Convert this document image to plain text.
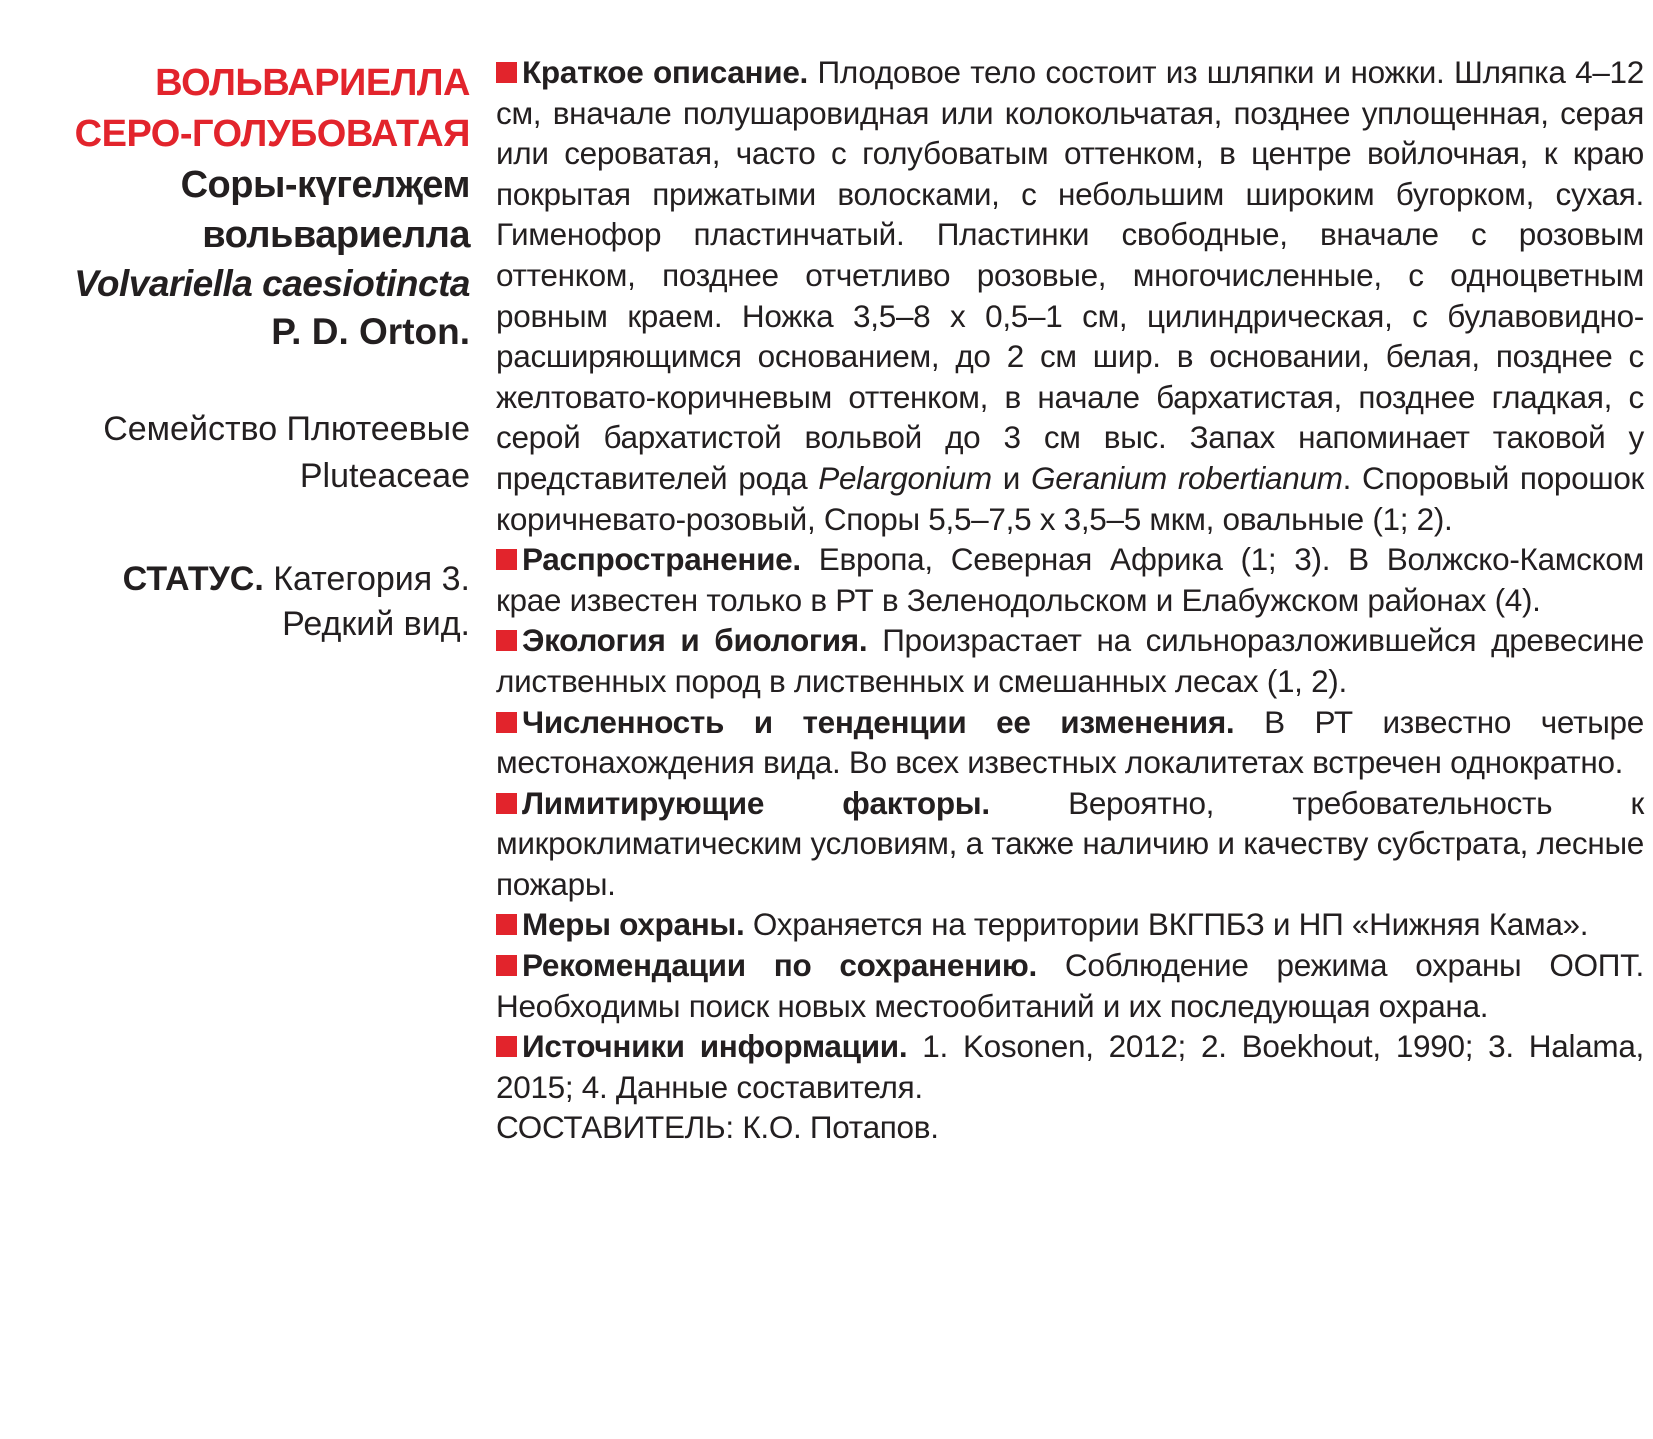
ВОЛЬВАРИЕЛЛА
СЕРО-ГОЛУБОВАТАЯ
Соры-күгелҗем
вольвариелла
Volvariella caesiotincta
P. D. Orton.
Семейство Плютеевые
Pluteaceae
СТАТУС. Категория 3.
Редкий вид.

Краткое описание. Плодовое тело состоит из шляпки и ножки. Шляпка 4–12 см, вначале полушаровидная или колокольчатая, позднее уплощенная, серая или сероватая, часто с голубоватым оттенком, в центре войлочная, к краю покрытая прижатыми волосками, с небольшим широким бугорком, сухая. Гименофор пластинчатый. Пластинки свободные, вначале с розовым оттенком, позднее отчетливо розовые, многочисленные, с одноцветным ровным краем. Ножка 3,5–8 х 0,5–1 см, цилиндрическая, с булавовидно-расширяющимся основанием, до 2 см шир. в основании, белая, позднее с желтовато-коричневым оттенком, в начале бархатистая, позднее гладкая, с серой бархатистой вольвой до 3 см выс. Запах напоминает таковой у представителей рода Pelargonium и Geranium robertianum. Споровый порошок коричневато-розовый, Споры 5,5–7,5 х 3,5–5 мкм, овальные (1; 2).

Распространение. Европа, Северная Африка (1; 3). В Волжско-Камском крае известен только в РТ в Зеленодольском и Елабужском районах (4).

Экология и биология. Произрастает на сильноразложившейся древесине лиственных пород в лиственных и смешанных лесах (1, 2).

Численность и тенденции ее изменения. В РТ известно четыре местонахождения вида. Во всех известных локалитетах встречен однократно.

Лимитирующие факторы. Вероятно, требовательность к микроклиматическим условиям, а также наличию и качеству субстрата, лесные пожары.

Меры охраны. Охраняется на территории ВКГПБЗ и НП «Нижняя Кама».

Рекомендации по сохранению. Соблюдение режима охраны ООПТ. Необходимы поиск новых местообитаний и их последующая охрана.

Источники информации. 1. Kosonen, 2012; 2. Boekhout, 1990; 3. Halama, 2015; 4. Данные составителя.

СОСТАВИТЕЛЬ: К.О. Потапов.
